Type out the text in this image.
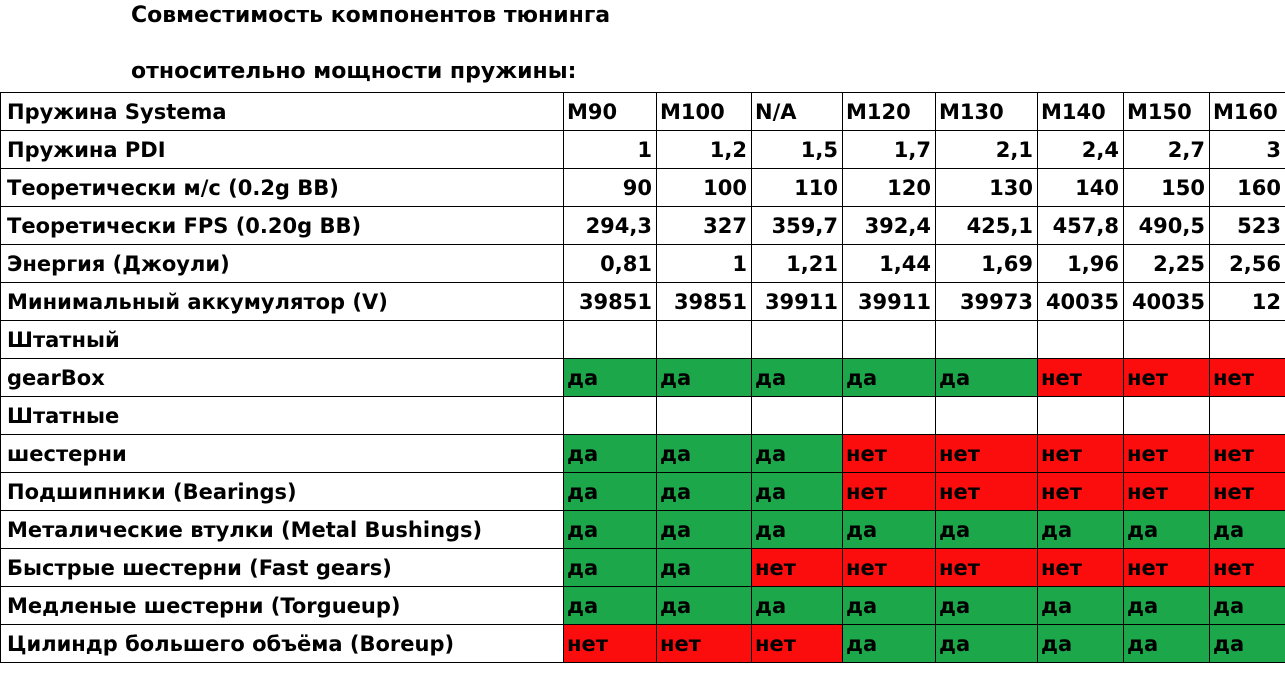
Совместимость компонентов тюнинга
относительно мощности пружины:
Пружина Systema	M90	M100	N/A	M120	M130	M140	M150	M160
Пружина PDI	1	1,2	1,5	1,7	2,1	2,4	2,7	3
Теоретически м/с (0.2g BB)	90	100	110	120	130	140	150	160
Теоретически FPS (0.20g BB)	294,3	327	359,7	392,4	425,1	457,8	490,5	523
Энергия (Джоули)	0,81	1	1,21	1,44	1,69	1,96	2,25	2,56
Минимальный аккумулятор (V)	39851	39851	39911	39911	39973	40035	40035	12
Штатный								
gearBox	да	да	да	да	да	нет	нет	нет
Штатные								
шестерни	да	да	да	нет	нет	нет	нет	нет
Подшипники (Bearings)	да	да	да	нет	нет	нет	нет	нет
Металические втулки (Metal Bushings)	да	да	да	да	да	да	да	да
Быстрые шестерни (Fast gears)	да	да	нет	нет	нет	нет	нет	нет
Медленые шестерни (Torgueup)	да	да	да	да	да	да	да	да
Цилиндр большего объёма (Boreup)	нет	нет	нет	да	да	да	да	да
